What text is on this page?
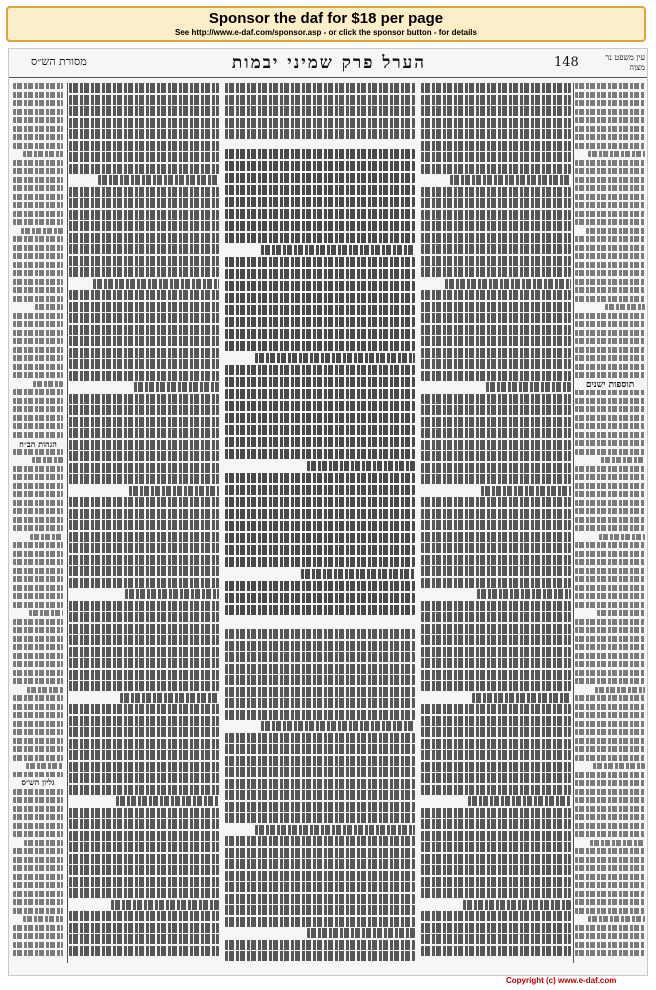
Sponsor the daf for $18 per page
See http://www.e-daf.com/sponsor.asp - or click the sponsor button - for details
מסורת הש״ס	הערל פרק שמיני יבמות	148	עין משפט נר מצוה
הגהות הב״ח
גליון הש״ס
תוספות ישנים
Copyright (c) www.e-daf.com
